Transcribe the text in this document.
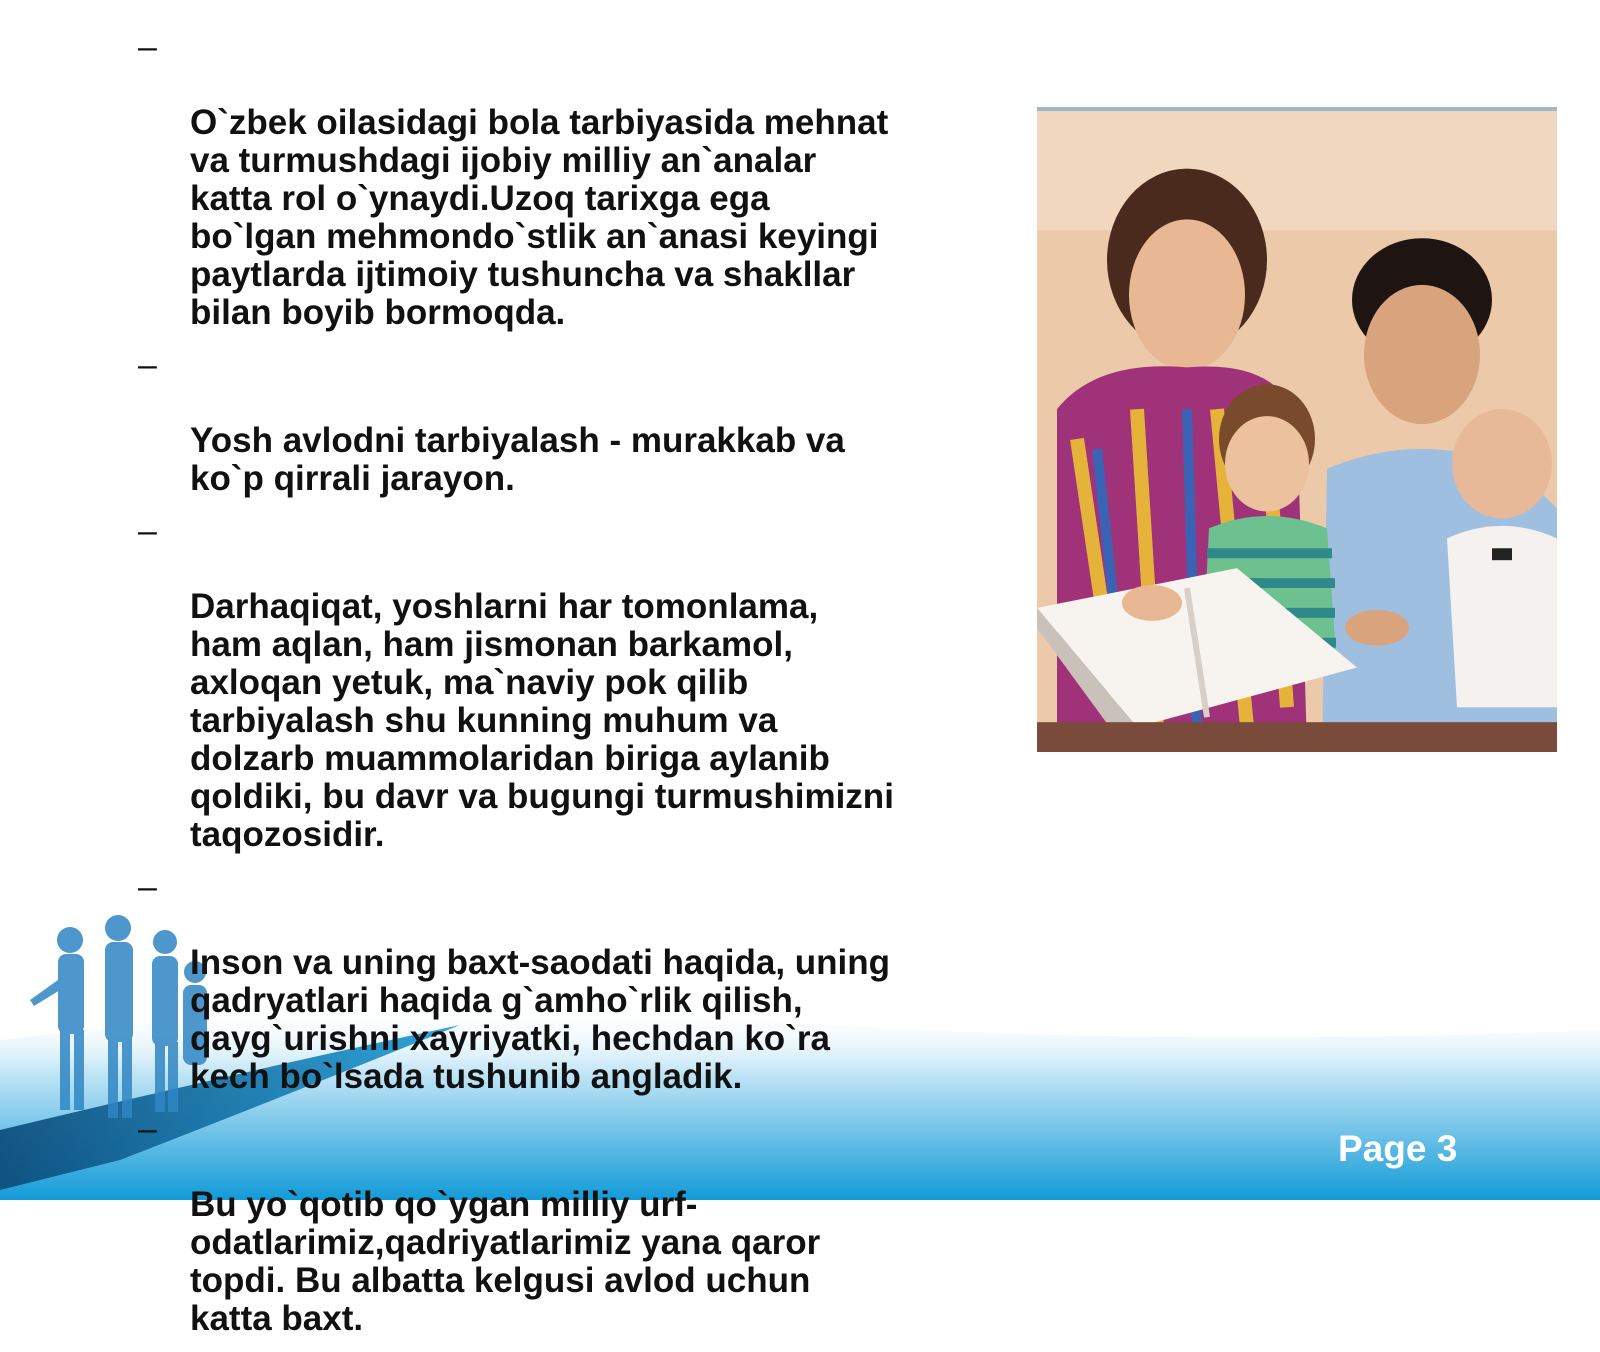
–

O`zbek oilasidagi bola tarbiyasida mehnat
va turmushdagi ijobiy milliy an`analar
katta rol o`ynaydi.Uzoq tarixga ega
bo`lgan mehmondo`stlik an`anasi keyingi
paytlarda ijtimoiy tushuncha va shakllar
bilan boyib bormoqda.

–

Yosh avlodni tarbiyalash - murakkab va
ko`p qirrali jarayon.

–

Darhaqiqat, yoshlarni har tomonlama,
ham aqlan, ham jismonan barkamol,
axloqan yetuk, ma`naviy pok qilib
tarbiyalash shu kunning muhum va
dolzarb muammolaridan biriga aylanib
qoldiki, bu davr va bugungi turmushimizni
taqozosidir.

–

Inson va uning baxt-saodati haqida, uning
qadryatlari haqida g`amho`rlik qilish,
qayg`urishni xayriyatki, hechdan ko`ra
kech bo`lsada tushunib angladik.

–

Bu yo`qotib qo`ygan milliy urf-
odatlarimiz,qadriyatlarimiz yana qaror
topdi. Bu albatta kelgusi avlod uchun
katta baxt.

Page 3
